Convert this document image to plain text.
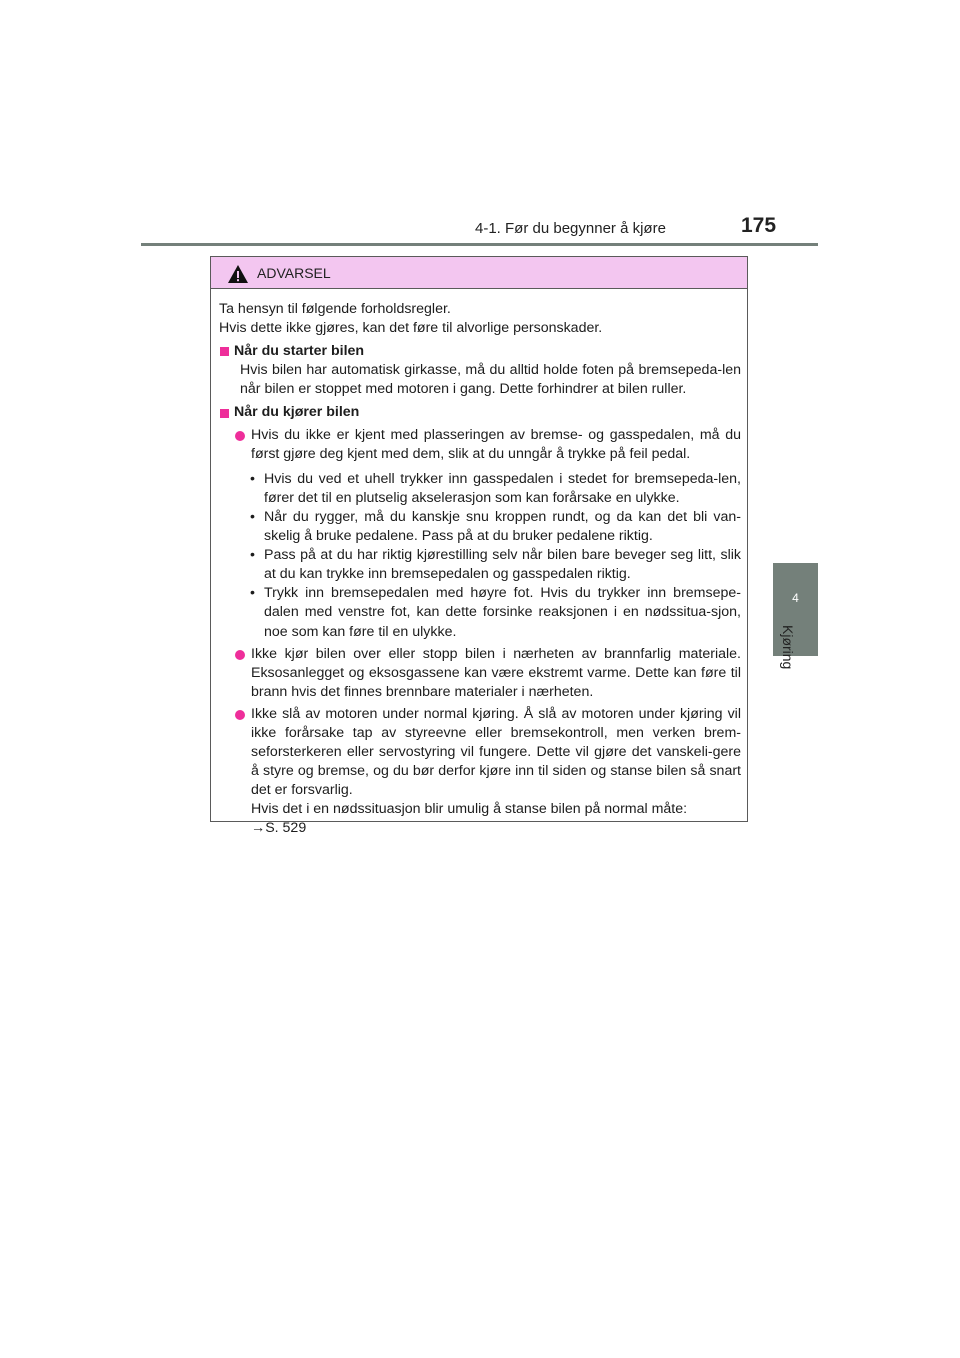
4-1. Før du begynner å kjøre	175
4
Kjøring
ADVARSEL

Ta hensyn til følgende forholdsregler.

Hvis dette ikke gjøres, kan det føre til alvorlige personskader.

Når du starter bilen

Hvis bilen har automatisk girkasse, må du alltid holde foten på bremsepeda-len når bilen er stoppet med motoren i gang. Dette forhindrer at bilen ruller.

Når du kjører bilen
Hvis du ikke er kjent med plasseringen av bremse- og gasspedalen, må du først gjøre deg kjent med dem, slik at du unngår å trykke på feil pedal.
• Hvis du ved et uhell trykker inn gasspedalen i stedet for bremsepeda-len, fører det til en plutselig akselerasjon som kan forårsake en ulykke.
• Når du rygger, må du kanskje snu kroppen rundt, og da kan det bli van-skelig å bruke pedalene. Pass på at du bruker pedalene riktig.
• Pass på at du har riktig kjørestilling selv når bilen bare beveger seg litt, slik at du kan trykke inn bremsepedalen og gasspedalen riktig.
• Trykk inn bremsepedalen med høyre fot. Hvis du trykker inn bremsepe-dalen med venstre fot, kan dette forsinke reaksjonen i en nødssitua-sjon, noe som kan føre til en ulykke.
Ikke kjør bilen over eller stopp bilen i nærheten av brannfarlig materiale. Eksosanlegget og eksosgassene kan være ekstremt varme. Dette kan føre til brann hvis det finnes brennbare materialer i nærheten.

Ikke slå av motoren under normal kjøring. Å slå av motoren under kjøring vil ikke forårsake tap av styreevne eller bremsekontroll, men verken brem-seforsterkeren eller servostyring vil fungere. Dette vil gjøre det vanskeli-gere å styre og bremse, og du bør derfor kjøre inn til siden og stanse bilen så snart det er forsvarlig.

Hvis det i en nødssituasjon blir umulig å stanse bilen på normal måte:

→S. 529
